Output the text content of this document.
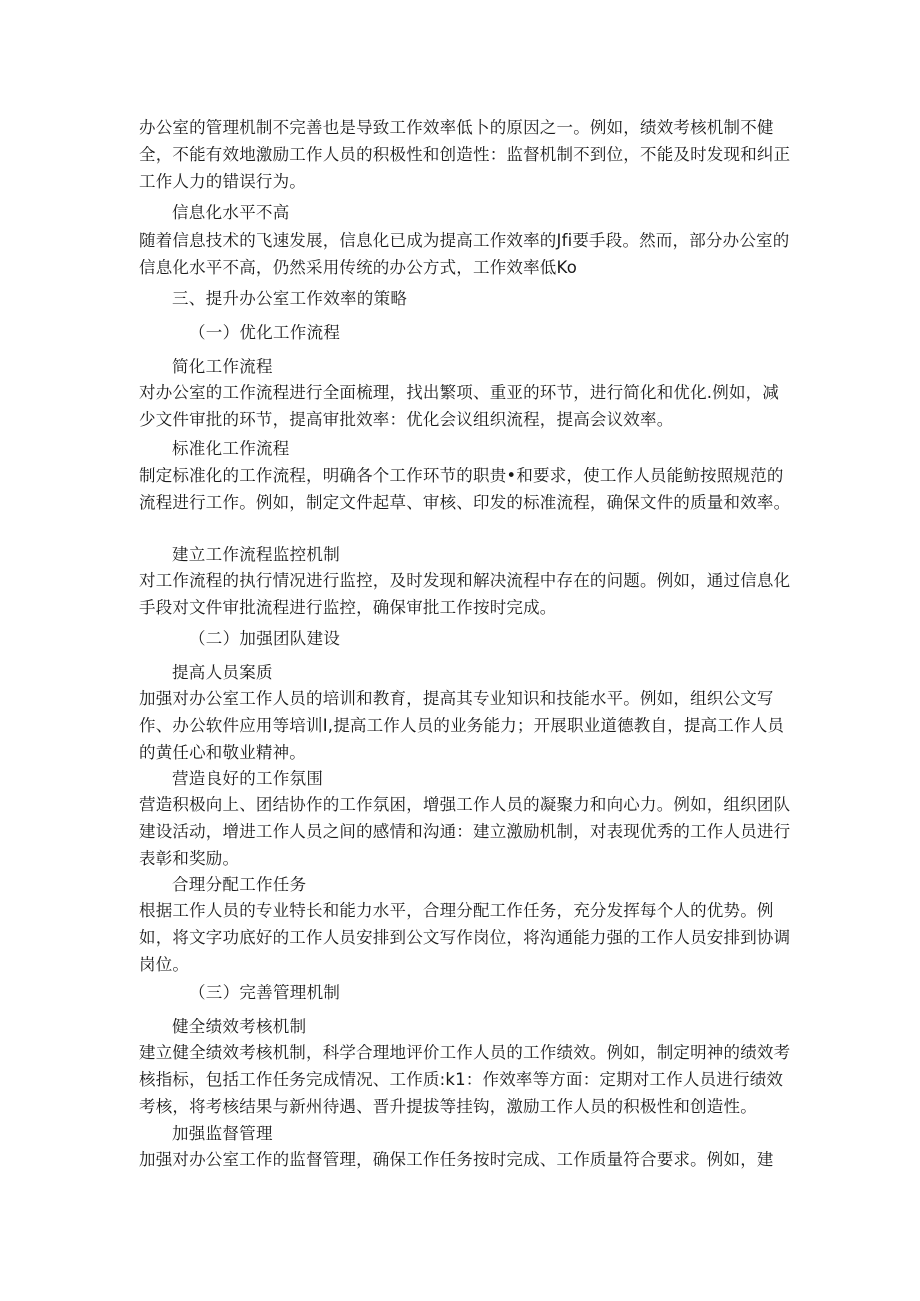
办公室的管理机制不完善也是导致工作效率低卜的原因之一。例如，绩效考核机制不健全，不能有效地激励工作人员的积极性和创造性：监督机制不到位，不能及时发现和纠正工作人力的错误行为。
信息化水平不高
随着信息技术的飞速发展，信息化已成为提高工作效率的Jfi要手段。然而，部分办公室的信息化水平不高，仍然采用传统的办公方式，工作效率低Ko
三、提升办公室工作效率的策略
（一）优化工作流程
简化工作流程
对办公室的工作流程进行全面梳理，找出繁项、重亚的环节，进行简化和优化.例如，减少文件审批的环节，提高审批效率：优化会议组织流程，提高会议效率。
标准化工作流程
制定标准化的工作流程，明确各个工作环节的职贵•和要求，使工作人员能鲂按照规范的流程进行工作。例如，制定文件起草、审核、印发的标准流程，确保文件的质量和效率。
建立工作流程监控机制
对工作流程的执行情况进行监控，及时发现和解决流程中存在的问题。例如，通过信息化手段对文件审批流程进行监控，确保审批工作按时完成。
（二）加强团队建设
提高人员案质
加强对办公室工作人员的培训和教育，提高其专业知识和技能水平。例如，组织公文写作、办公软件应用等培训I,提高工作人员的业务能力；开展职业道德教自，提高工作人员的黄任心和敬业精神。
营造良好的工作氛围
营造积极向上、团结协作的工作氛困，增强工作人员的凝聚力和向心力。例如，组织团队建设活动，增进工作人员之间的感情和沟通：建立激励机制，对表现优秀的工作人员进行表彰和奖励。
合理分配工作任务
根据工作人员的专业特长和能力水平，合理分配工作任务，充分发挥每个人的优势。例如，将文字功底好的工作人员安排到公文写作岗位，将沟通能力强的工作人员安排到协调岗位。
（三）完善管理机制
健全绩效考核机制
建立健全绩效考核机制，科学合理地评价工作人员的工作绩效。例如，制定明神的绩效考核指标，包括工作任务完成情况、工作质:k1：作效率等方面：定期对工作人员进行绩效考核，将考核结果与新州待遇、晋升提拔等挂钩，激励工作人员的积极性和创造性。
加强监督管理
加强对办公室工作的监督管理，确保工作任务按时完成、工作质量符合要求。例如，建
